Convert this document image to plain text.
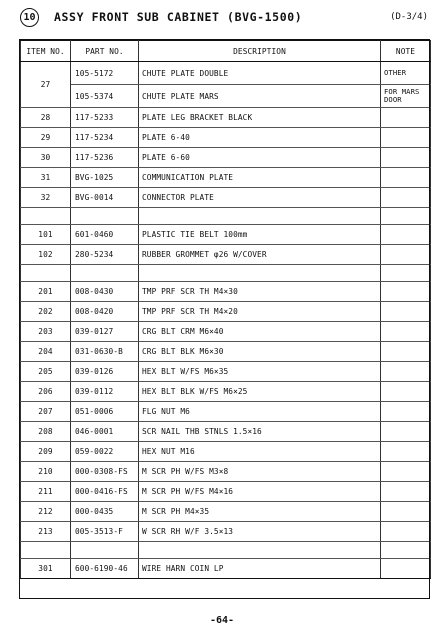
10	ASSY FRONT SUB CABINET (BVG-1500)	(D-3/4)
ITEM NO.	PART NO.	DESCRIPTION	NOTE
27	105-5172	CHUTE PLATE DOUBLE	OTHER
	105-5374	CHUTE PLATE MARS	FOR MARS DOOR
28	117-5233	PLATE LEG BRACKET BLACK	
29	117-5234	PLATE 6-40	
30	117-5236	PLATE 6-60	
31	BVG-1025	COMMUNICATION PLATE	
32	BVG-0014	CONNECTOR PLATE	

101	601-0460	PLASTIC TIE BELT 100mm	
102	280-5234	RUBBER GROMMET φ26 W/COVER	

201	008-0430	TMP PRF SCR TH M4×30	
202	008-0420	TMP PRF SCR TH M4×20	
203	039-0127	CRG BLT CRM M6×40	
204	031-0630-B	CRG BLT BLK M6×30	
205	039-0126	HEX BLT W/FS M6×35	
206	039-0112	HEX BLT BLK W/FS M6×25	
207	051-0006	FLG NUT M6	
208	046-0001	SCR NAIL THB STNLS 1.5×16	
209	059-0022	HEX NUT M16	
210	000-0308-FS	M SCR PH W/FS M3×8	
211	000-0416-FS	M SCR PH W/FS M4×16	
212	000-0435	M SCR PH M4×35	
213	005-3513-F	W SCR RH W/F 3.5×13	

301	600-6190-46	WIRE HARN COIN LP	
-64-
